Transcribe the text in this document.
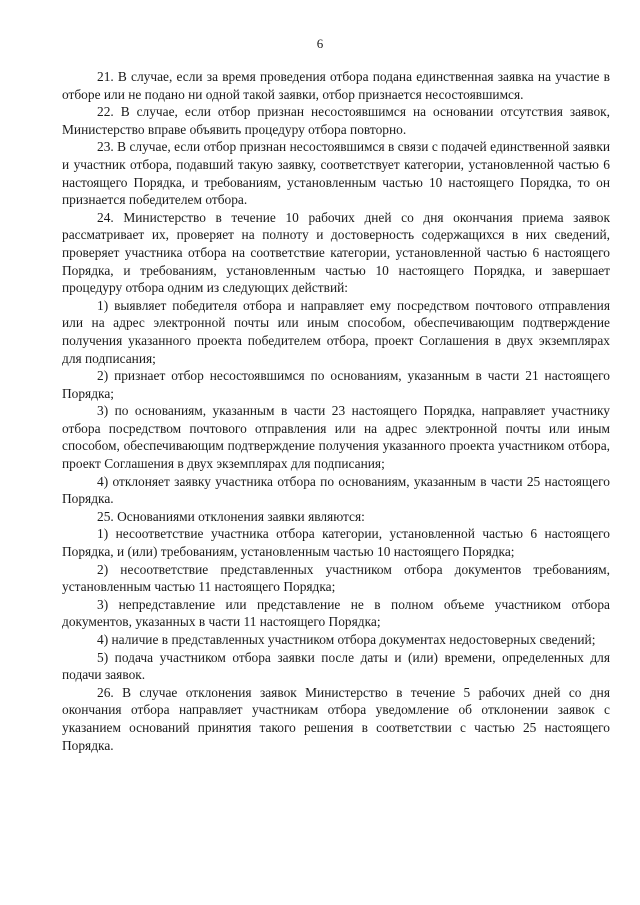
6

21. В случае, если за время проведения отбора подана единственная заявка на участие в отборе или не подано ни одной такой заявки, отбор признается несостоявшимся.

22. В случае, если отбор признан несостоявшимся на основании отсутствия заявок, Министерство вправе объявить процедуру отбора повторно.

23. В случае, если отбор признан несостоявшимся в связи с подачей единственной заявки и участник отбора, подавший такую заявку, соответствует категории, установленной частью 6 настоящего Порядка, и требованиям, установленным частью 10 настоящего Порядка, то он признается победителем отбора.

24. Министерство в течение 10 рабочих дней со дня окончания приема заявок рассматривает их, проверяет на полноту и достоверность содержащихся в них сведений, проверяет участника отбора на соответствие категории, установленной частью 6 настоящего Порядка, и требованиям, установленным частью 10 настоящего Порядка, и завершает процедуру отбора одним из следующих действий:

1) выявляет победителя отбора и направляет ему посредством почтового отправления или на адрес электронной почты или иным способом, обеспечивающим подтверждение получения указанного проекта победителем отбора, проект Соглашения в двух экземплярах для подписания;

2) признает отбор несостоявшимся по основаниям, указанным в части 21 настоящего Порядка;

3) по основаниям, указанным в части 23 настоящего Порядка, направляет участнику отбора посредством почтового отправления или на адрес электронной почты или иным способом, обеспечивающим подтверждение получения указанного проекта участником отбора, проект Соглашения в двух экземплярах для подписания;

4) отклоняет заявку участника отбора по основаниям, указанным в части 25 настоящего Порядка.

25. Основаниями отклонения заявки являются:

1) несоответствие участника отбора категории, установленной частью 6 настоящего Порядка, и (или) требованиям, установленным частью 10 настоящего Порядка;

2) несоответствие представленных участником отбора документов требованиям, установленным частью 11 настоящего Порядка;

3) непредставление или представление не в полном объеме участником отбора документов, указанных в части 11 настоящего Порядка;

4) наличие в представленных участником отбора документах недостоверных сведений;

5) подача участником отбора заявки после даты и (или) времени, определенных для подачи заявок.

26. В случае отклонения заявок Министерство в течение 5 рабочих дней со дня окончания отбора направляет участникам отбора уведомление об отклонении заявок с указанием оснований принятия такого решения в соответствии с частью 25 настоящего Порядка.
